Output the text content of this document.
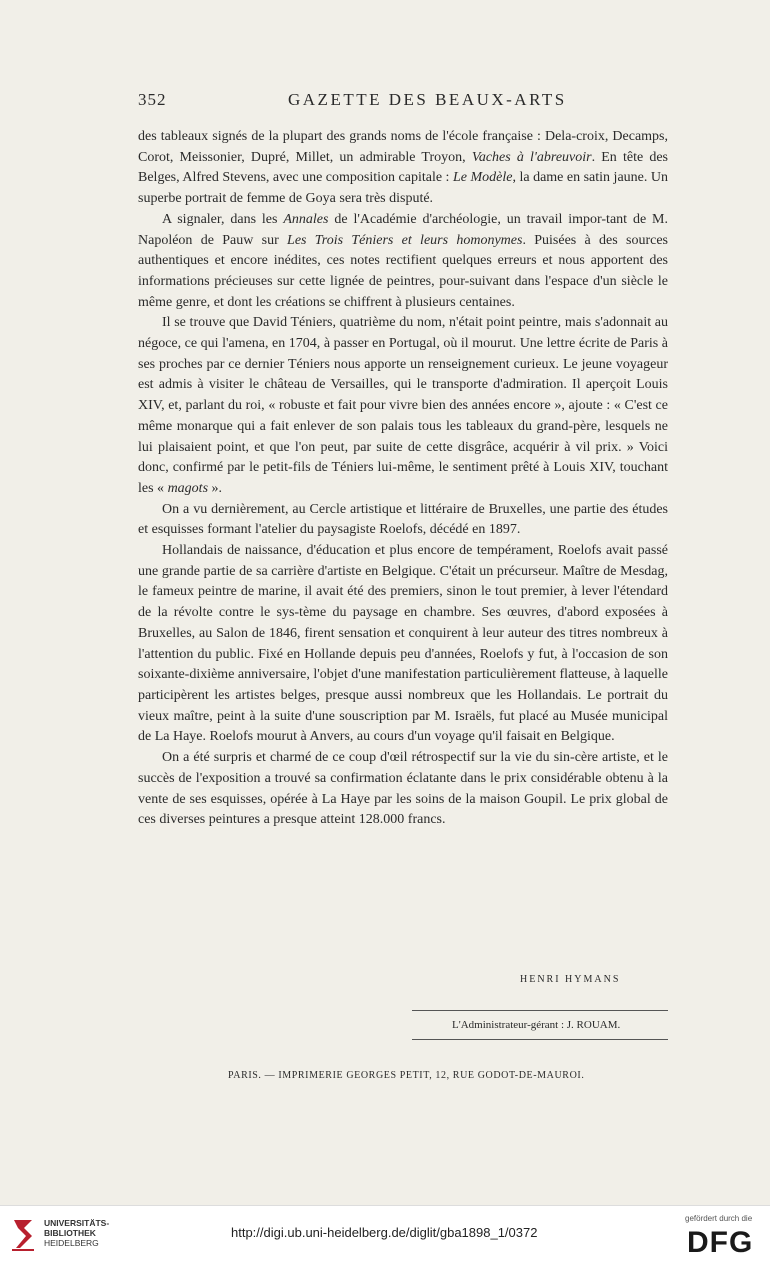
352	GAZETTE DES BEAUX-ARTS

des tableaux signés de la plupart des grands noms de l'école française : Dela-croix, Decamps, Corot, Meissonier, Dupré, Millet, un admirable Troyon, Vaches à l'abreuvoir. En tête des Belges, Alfred Stevens, avec une composition capitale : Le Modèle, la dame en satin jaune. Un superbe portrait de femme de Goya sera très disputé.

A signaler, dans les Annales de l'Académie d'archéologie, un travail impor-tant de M. Napoléon de Pauw sur Les Trois Téniers et leurs homonymes. Puisées à des sources authentiques et encore inédites, ces notes rectifient quelques erreurs et nous apportent des informations précieuses sur cette lignée de peintres, pour-suivant dans l'espace d'un siècle le même genre, et dont les créations se chiffrent à plusieurs centaines.

Il se trouve que David Téniers, quatrième du nom, n'était point peintre, mais s'adonnait au négoce, ce qui l'amena, en 1704, à passer en Portugal, où il mourut. Une lettre écrite de Paris à ses proches par ce dernier Téniers nous apporte un renseignement curieux. Le jeune voyageur est admis à visiter le château de Versailles, qui le transporte d'admiration. Il aperçoit Louis XIV, et, parlant du roi, « robuste et fait pour vivre bien des années encore », ajoute : « C'est ce même monarque qui a fait enlever de son palais tous les tableaux du grand-père, lesquels ne lui plaisaient point, et que l'on peut, par suite de cette disgrâce, acquérir à vil prix. » Voici donc, confirmé par le petit-fils de Téniers lui-même, le sentiment prêté à Louis XIV, touchant les « magots ».

On a vu dernièrement, au Cercle artistique et littéraire de Bruxelles, une partie des études et esquisses formant l'atelier du paysagiste Roelofs, décédé en 1897.

Hollandais de naissance, d'éducation et plus encore de tempérament, Roelofs avait passé une grande partie de sa carrière d'artiste en Belgique. C'était un précurseur. Maître de Mesdag, le fameux peintre de marine, il avait été des premiers, sinon le tout premier, à lever l'étendard de la révolte contre le sys-tème du paysage en chambre. Ses œuvres, d'abord exposées à Bruxelles, au Salon de 1846, firent sensation et conquirent à leur auteur des titres nombreux à l'attention du public. Fixé en Hollande depuis peu d'années, Roelofs y fut, à l'occasion de son soixante-dixième anniversaire, l'objet d'une manifestation particulièrement flatteuse, à laquelle participèrent les artistes belges, presque aussi nombreux que les Hollandais. Le portrait du vieux maître, peint à la suite d'une souscription par M. Israëls, fut placé au Musée municipal de La Haye. Roelofs mourut à Anvers, au cours d'un voyage qu'il faisait en Belgique.

On a été surpris et charmé de ce coup d'œil rétrospectif sur la vie du sin-cère artiste, et le succès de l'exposition a trouvé sa confirmation éclatante dans le prix considérable obtenu à la vente de ses esquisses, opérée à La Haye par les soins de la maison Goupil. Le prix global de ces diverses peintures a presque atteint 128.000 francs.

HENRI HYMANS
L'Administrateur-gérant : J. ROUAM.
PARIS. — IMPRIMERIE GEORGES PETIT, 12, RUE GODOT-DE-MAUROI.
UNIVERSITÄTS-
BIBLIOTHEK
HEIDELBERG
http://digi.ub.uni-heidelberg.de/diglit/gba1898_1/0372
gefördert durch die
DFG
